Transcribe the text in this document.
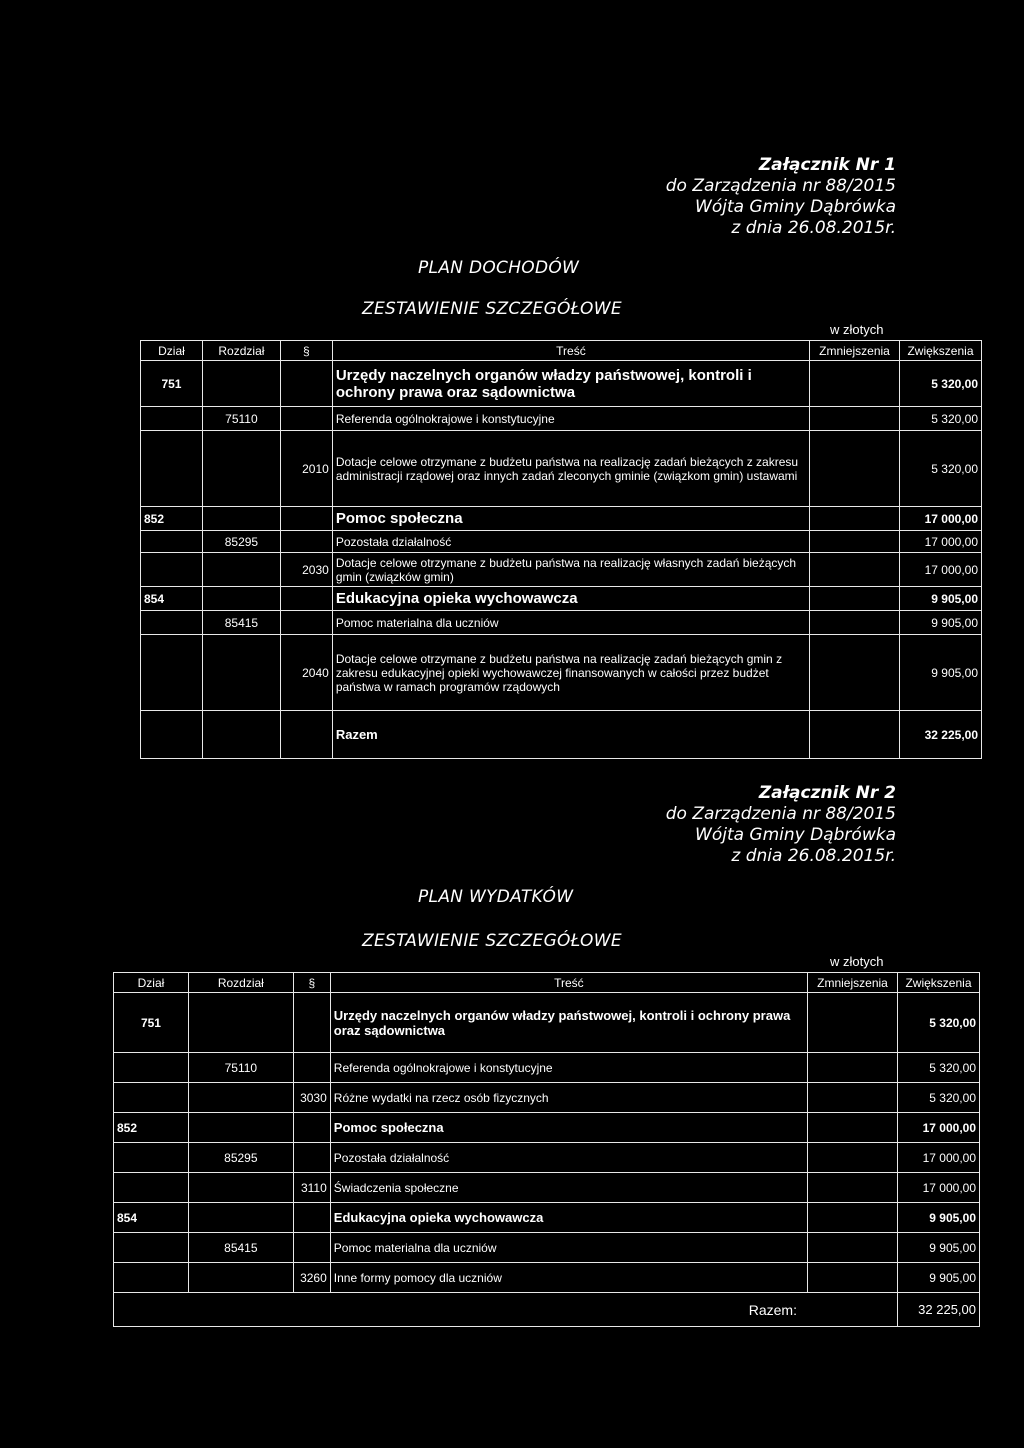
Załącznik Nr 1
do Zarządzenia nr 88/2015
Wójta Gminy Dąbrówka
z dnia 26.08.2015r.
PLAN DOCHODÓW
ZESTAWIENIE SZCZEGÓŁOWE
w złotych
Dział	Rozdział	§	Treść	Zmniejszenia	Zwiększenia
751			Urzędy naczelnych organów władzy państwowej, kontroli i ochrony prawa oraz sądownictwa		5 320,00
	75110		Referenda ogólnokrajowe i konstytucyjne		5 320,00
		2010	Dotacje celowe otrzymane z budżetu państwa na realizację zadań bieżących z zakresu administracji rządowej oraz innych zadań zleconych gminie (związkom gmin) ustawami		5 320,00
852			Pomoc społeczna		17 000,00
	85295		Pozostała działalność		17 000,00
		2030	Dotacje celowe otrzymane z budżetu państwa na realizację własnych zadań bieżących gmin (związków gmin)		17 000,00
854			Edukacyjna opieka wychowawcza		9 905,00
	85415		Pomoc materialna dla uczniów		9 905,00
		2040	Dotacje celowe otrzymane z budżetu państwa na realizację zadań bieżących gmin z zakresu edukacyjnej opieki wychowawczej finansowanych w całości przez budżet państwa w ramach programów rządowych		9 905,00
			Razem		32 225,00
Załącznik Nr 2
do Zarządzenia nr 88/2015
Wójta Gminy Dąbrówka
z dnia 26.08.2015r.
PLAN WYDATKÓW
ZESTAWIENIE SZCZEGÓŁOWE
w złotych
Dział	Rozdział	§	Treść	Zmniejszenia	Zwiększenia
751			Urzędy naczelnych organów władzy państwowej, kontroli i ochrony prawa oraz sądownictwa		5 320,00
	75110		Referenda ogólnokrajowe i konstytucyjne		5 320,00
		3030	Różne wydatki na rzecz osób fizycznych		5 320,00
852			Pomoc społeczna		17 000,00
	85295		Pozostała działalność		17 000,00
		3110	Świadczenia społeczne		17 000,00
854			Edukacyjna opieka wychowawcza		9 905,00
	85415		Pomoc materialna dla uczniów		9 905,00
		3260	Inne formy pomocy dla uczniów		9 905,00
Razem:					32 225,00
